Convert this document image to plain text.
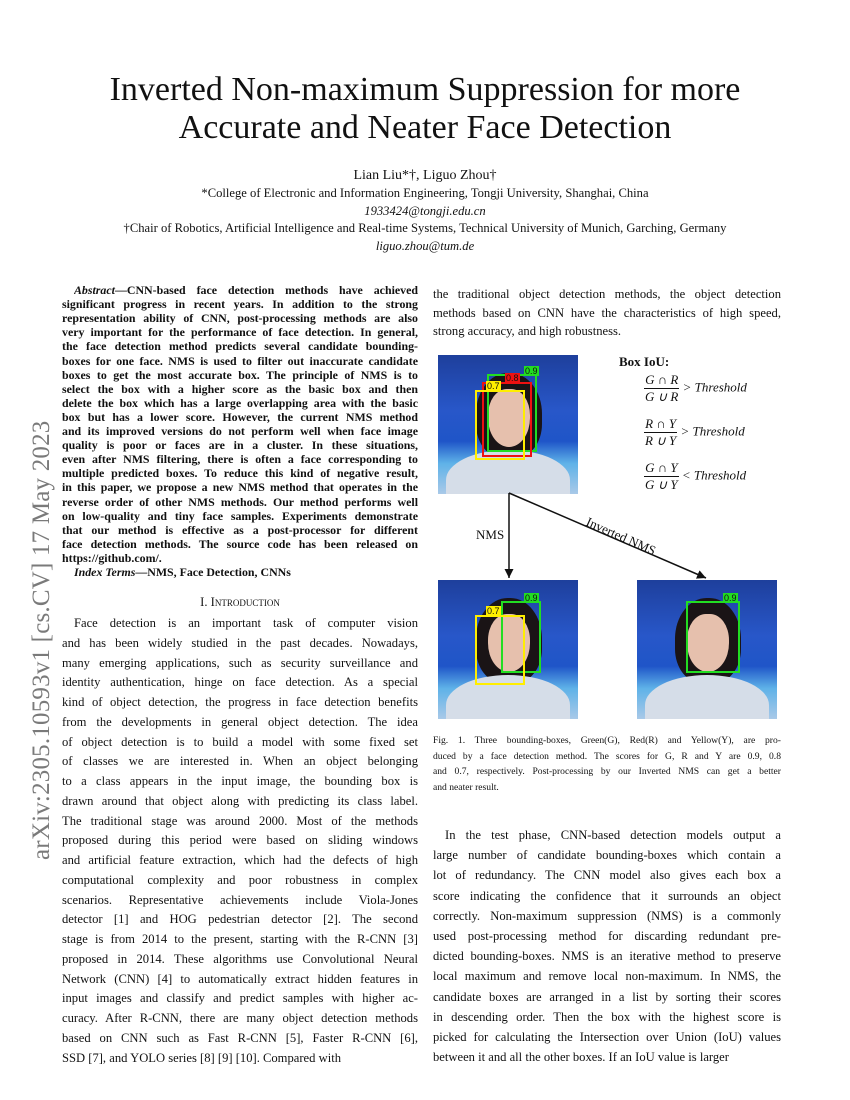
arXiv:2305.10593v1 [cs.CV] 17 May 2023
Inverted Non-maximum Suppression for more
Accurate and Neater Face Detection
Lian Liu*†, Liguo Zhou†
*College of Electronic and Information Engineering, Tongji University, Shanghai, China
1933424@tongji.edu.cn
†Chair of Robotics, Artificial Intelligence and Real-time Systems, Technical University of Munich, Garching, Germany
liguo.zhou@tum.de
Abstract—CNN-based face detection methods have achieved
significant progress in recent years. In addition to the strong
representation ability of CNN, post-processing methods are also
very important for the performance of face detection. In general,
the face detection method predicts several candidate bounding-
boxes for one face. NMS is used to filter out inaccurate candidate
boxes to get the most accurate box. The principle of NMS is to
select the box with a higher score as the basic box and then
delete the box which has a large overlapping area with the basic
box but has a lower score. However, the current NMS method
and its improved versions do not perform well when face image
quality is poor or faces are in a cluster. In these situations,
even after NMS filtering, there is often a face corresponding to
multiple predicted boxes. To reduce this kind of negative result,
in this paper, we propose a new NMS method that operates in the
reverse order of other NMS methods. Our method performs well
on low-quality and tiny face samples. Experiments demonstrate
that our method is effective as a post-processor for different
face detection methods. The source code has been released on
https://github.com/.
Index Terms—NMS, Face Detection, CNNs
Face detection is an important task of computer vision
and has been widely studied in the past decades. Nowadays,
many emerging applications, such as security surveillance and
identity authentication, hinge on face detection. As a special
kind of object detection, the progress in face detection benefits
from the developments in general object detection. The idea
of object detection is to build a model with some fixed set
of classes we are interested in. When an object belonging
to a class appears in the input image, the bounding box is
drawn around that object along with predicting its class label.
The traditional stage was around 2000. Most of the methods
proposed during this period were based on sliding windows
and artificial feature extraction, which had the defects of high
computational complexity and poor robustness in complex
scenarios. Representative achievements include Viola-Jones
detector [1] and HOG pedestrian detector [2]. The second
stage is from 2014 to the present, starting with the R-CNN [3]
proposed in 2014. These algorithms use Convolutional Neural
Network (CNN) [4] to automatically extract hidden features in
input images and classify and predict samples with higher ac-
curacy. After R-CNN, there are many object detection methods
based on CNN such as Fast R-CNN [5], Faster R-CNN [6],
SSD [7], and YOLO series [8] [9] [10]. Compared with
I. Introduction
the traditional object detection methods, the object detection
methods based on CNN have the characteristics of high speed,
strong accuracy, and high robustness.
In the test phase, CNN-based detection models output a
large number of candidate bounding-boxes which contain a
lot of redundancy. The CNN model also gives each box a
score indicating the confidence that it surrounds an object
correctly. Non-maximum suppression (NMS) is a commonly
used post-processing method for discarding redundant pre-
dicted bounding-boxes. NMS is an iterative method to preserve
local maximum and remove local non-maximum. In NMS, the
candidate boxes are arranged in a list by sorting their scores
in descending order. Then the box with the highest score is
picked for calculating the Intersection over Union (IoU) values
between it and all the other boxes. If an IoU value is larger
Fig. 1. Three bounding-boxes, Green(G), Red(R) and Yellow(Y), are pro-
duced by a face detection method. The scores for G, R and Y are 0.9, 0.8
and 0.7, respectively. Post-processing by our Inverted NMS can get a better
and neater result.
0.9
0.8
0.7
0.9
0.7
0.9
NMS	Inverted NMS
Box IoU:
$\frac{G \cap R}{G \cup R}$ > Threshold
$\frac{R \cap Y}{R \cup Y}$ > Threshold
$\frac{G \cap Y}{G \cup Y}$ < Threshold
